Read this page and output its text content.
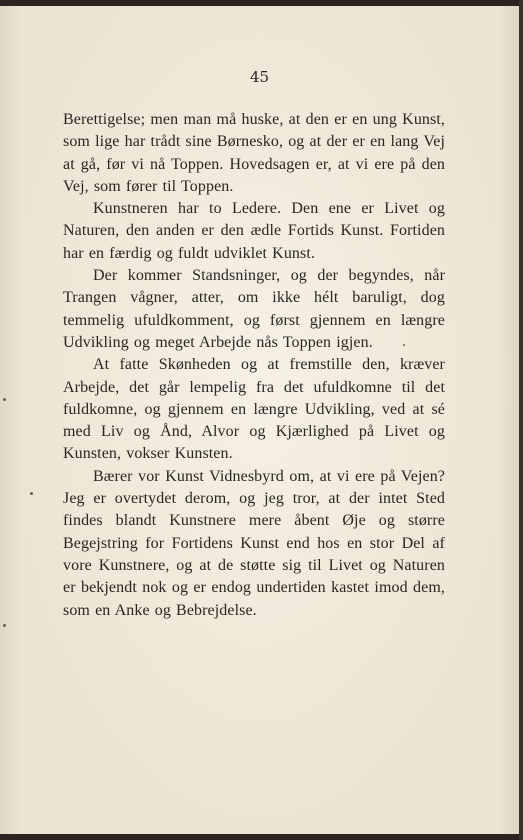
45

Berettigelse; men man må huske, at den er en ung Kunst, som lige har trådt sine Børnesko, og at der er en lang Vej at gå, før vi nå Toppen. Hovedsagen er, at vi ere på den Vej, som fører til Toppen.

Kunstneren har to Ledere. Den ene er Livet og Naturen, den anden er den ædle Fortids Kunst. Fortiden har en færdig og fuldt udviklet Kunst.

Der kommer Standsninger, og der begyndes, når Trangen vågner, atter, om ikke hélt baruligt, dog temmelig ufuldkomment, og først gjennem en længre Udvikling og meget Arbejde nås Toppen igjen.

At fatte Skønheden og at fremstille den, kræver Arbejde, det går lempelig fra det ufuldkomne til det fuldkomne, og gjennem en længre Udvikling, ved at sé med Liv og Ånd, Alvor og Kjærlighed på Livet og Kunsten, vokser Kunsten.

Bærer vor Kunst Vidnesbyrd om, at vi ere på Vejen? Jeg er overtydet derom, og jeg tror, at der intet Sted findes blandt Kunstnere mere åbent Øje og større Begejstring for Fortidens Kunst end hos en stor Del af vore Kunstnere, og at de støtte sig til Livet og Naturen er bekjendt nok og er endog undertiden kastet imod dem, som en Anke og Bebrejdelse.
